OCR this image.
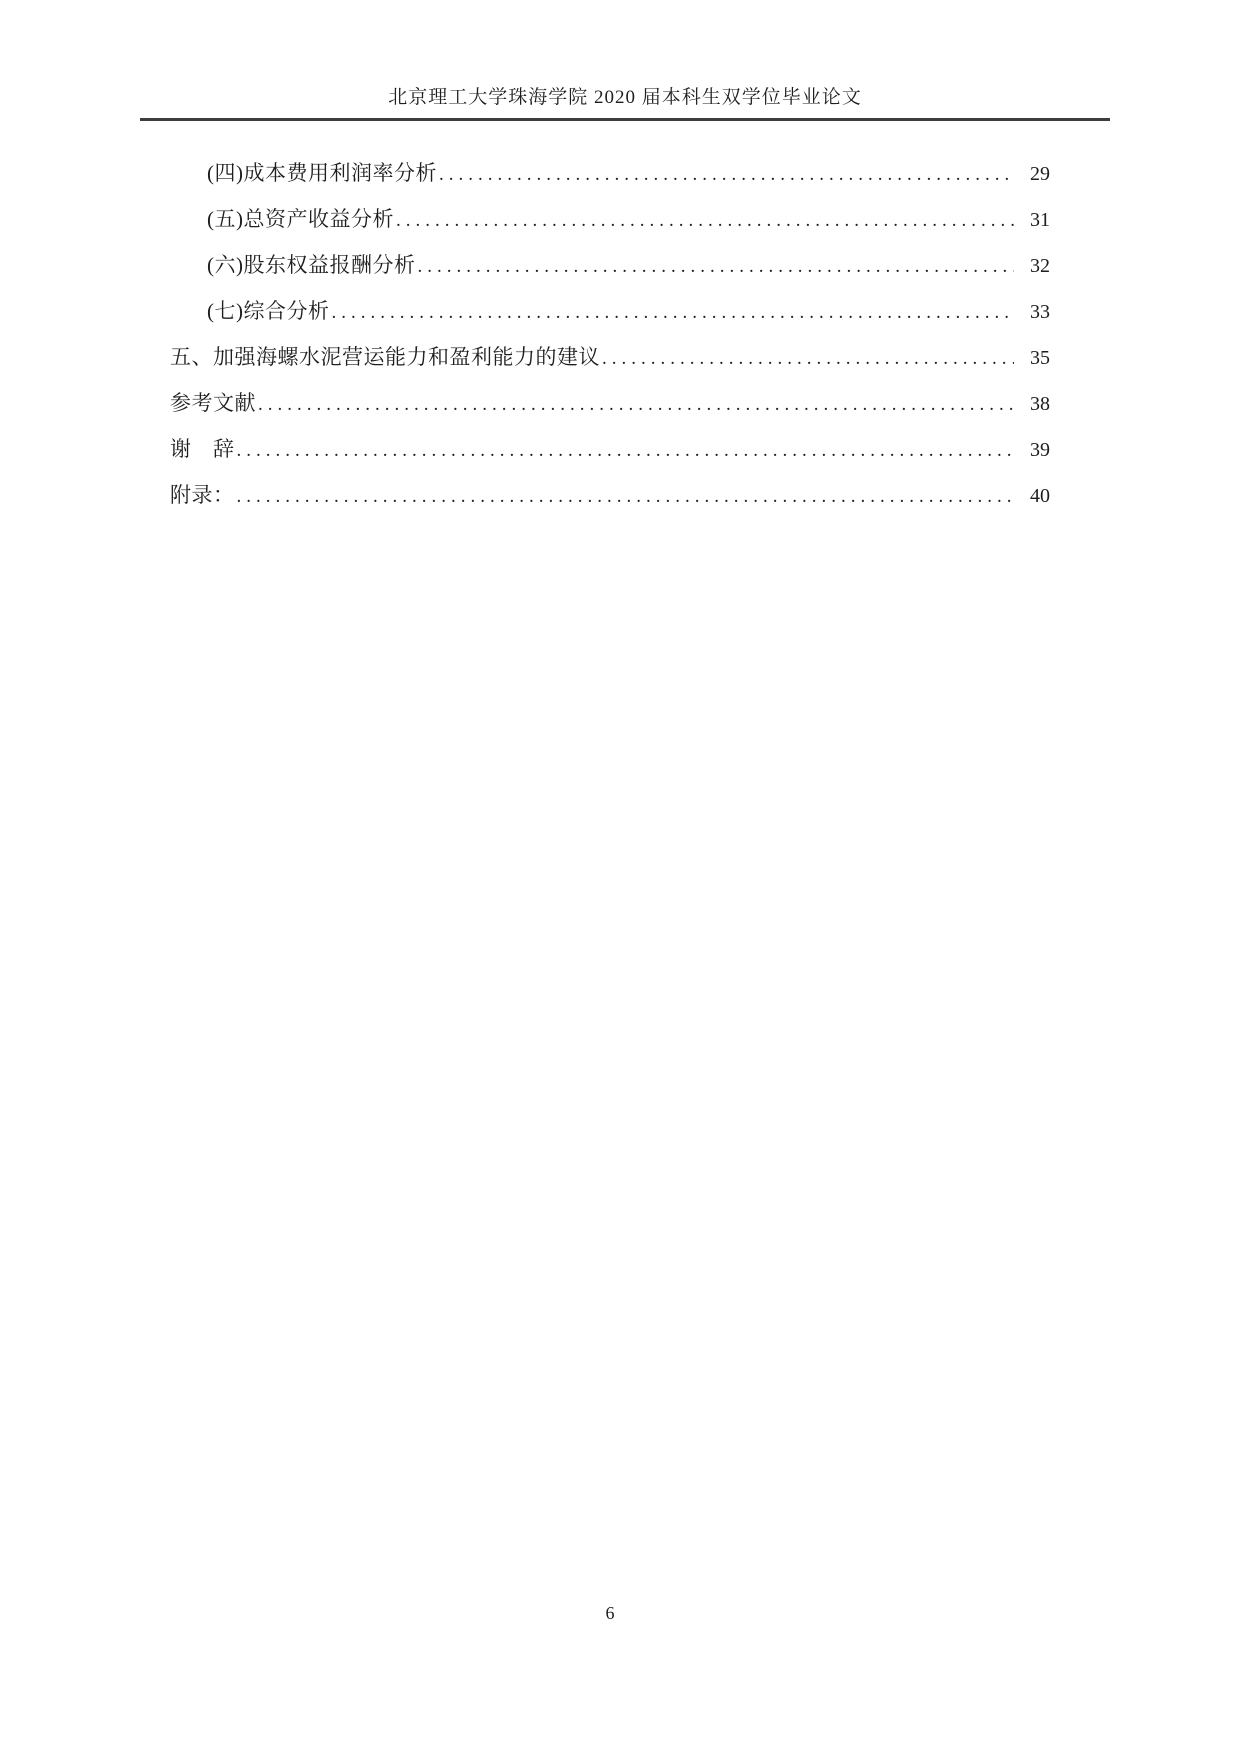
北京理工大学珠海学院 2020 届本科生双学位毕业论文
(四)成本费用利润率分析 .....	29
(五)总资产收益分析 .....	31
(六)股东权益报酬分析 .....	32
(七)综合分析 .....	33
五、加强海螺水泥营运能力和盈利能力的建议 .....	35
参考文献 .....	38
谢　辞 .....	39
附录： .....	40
6
